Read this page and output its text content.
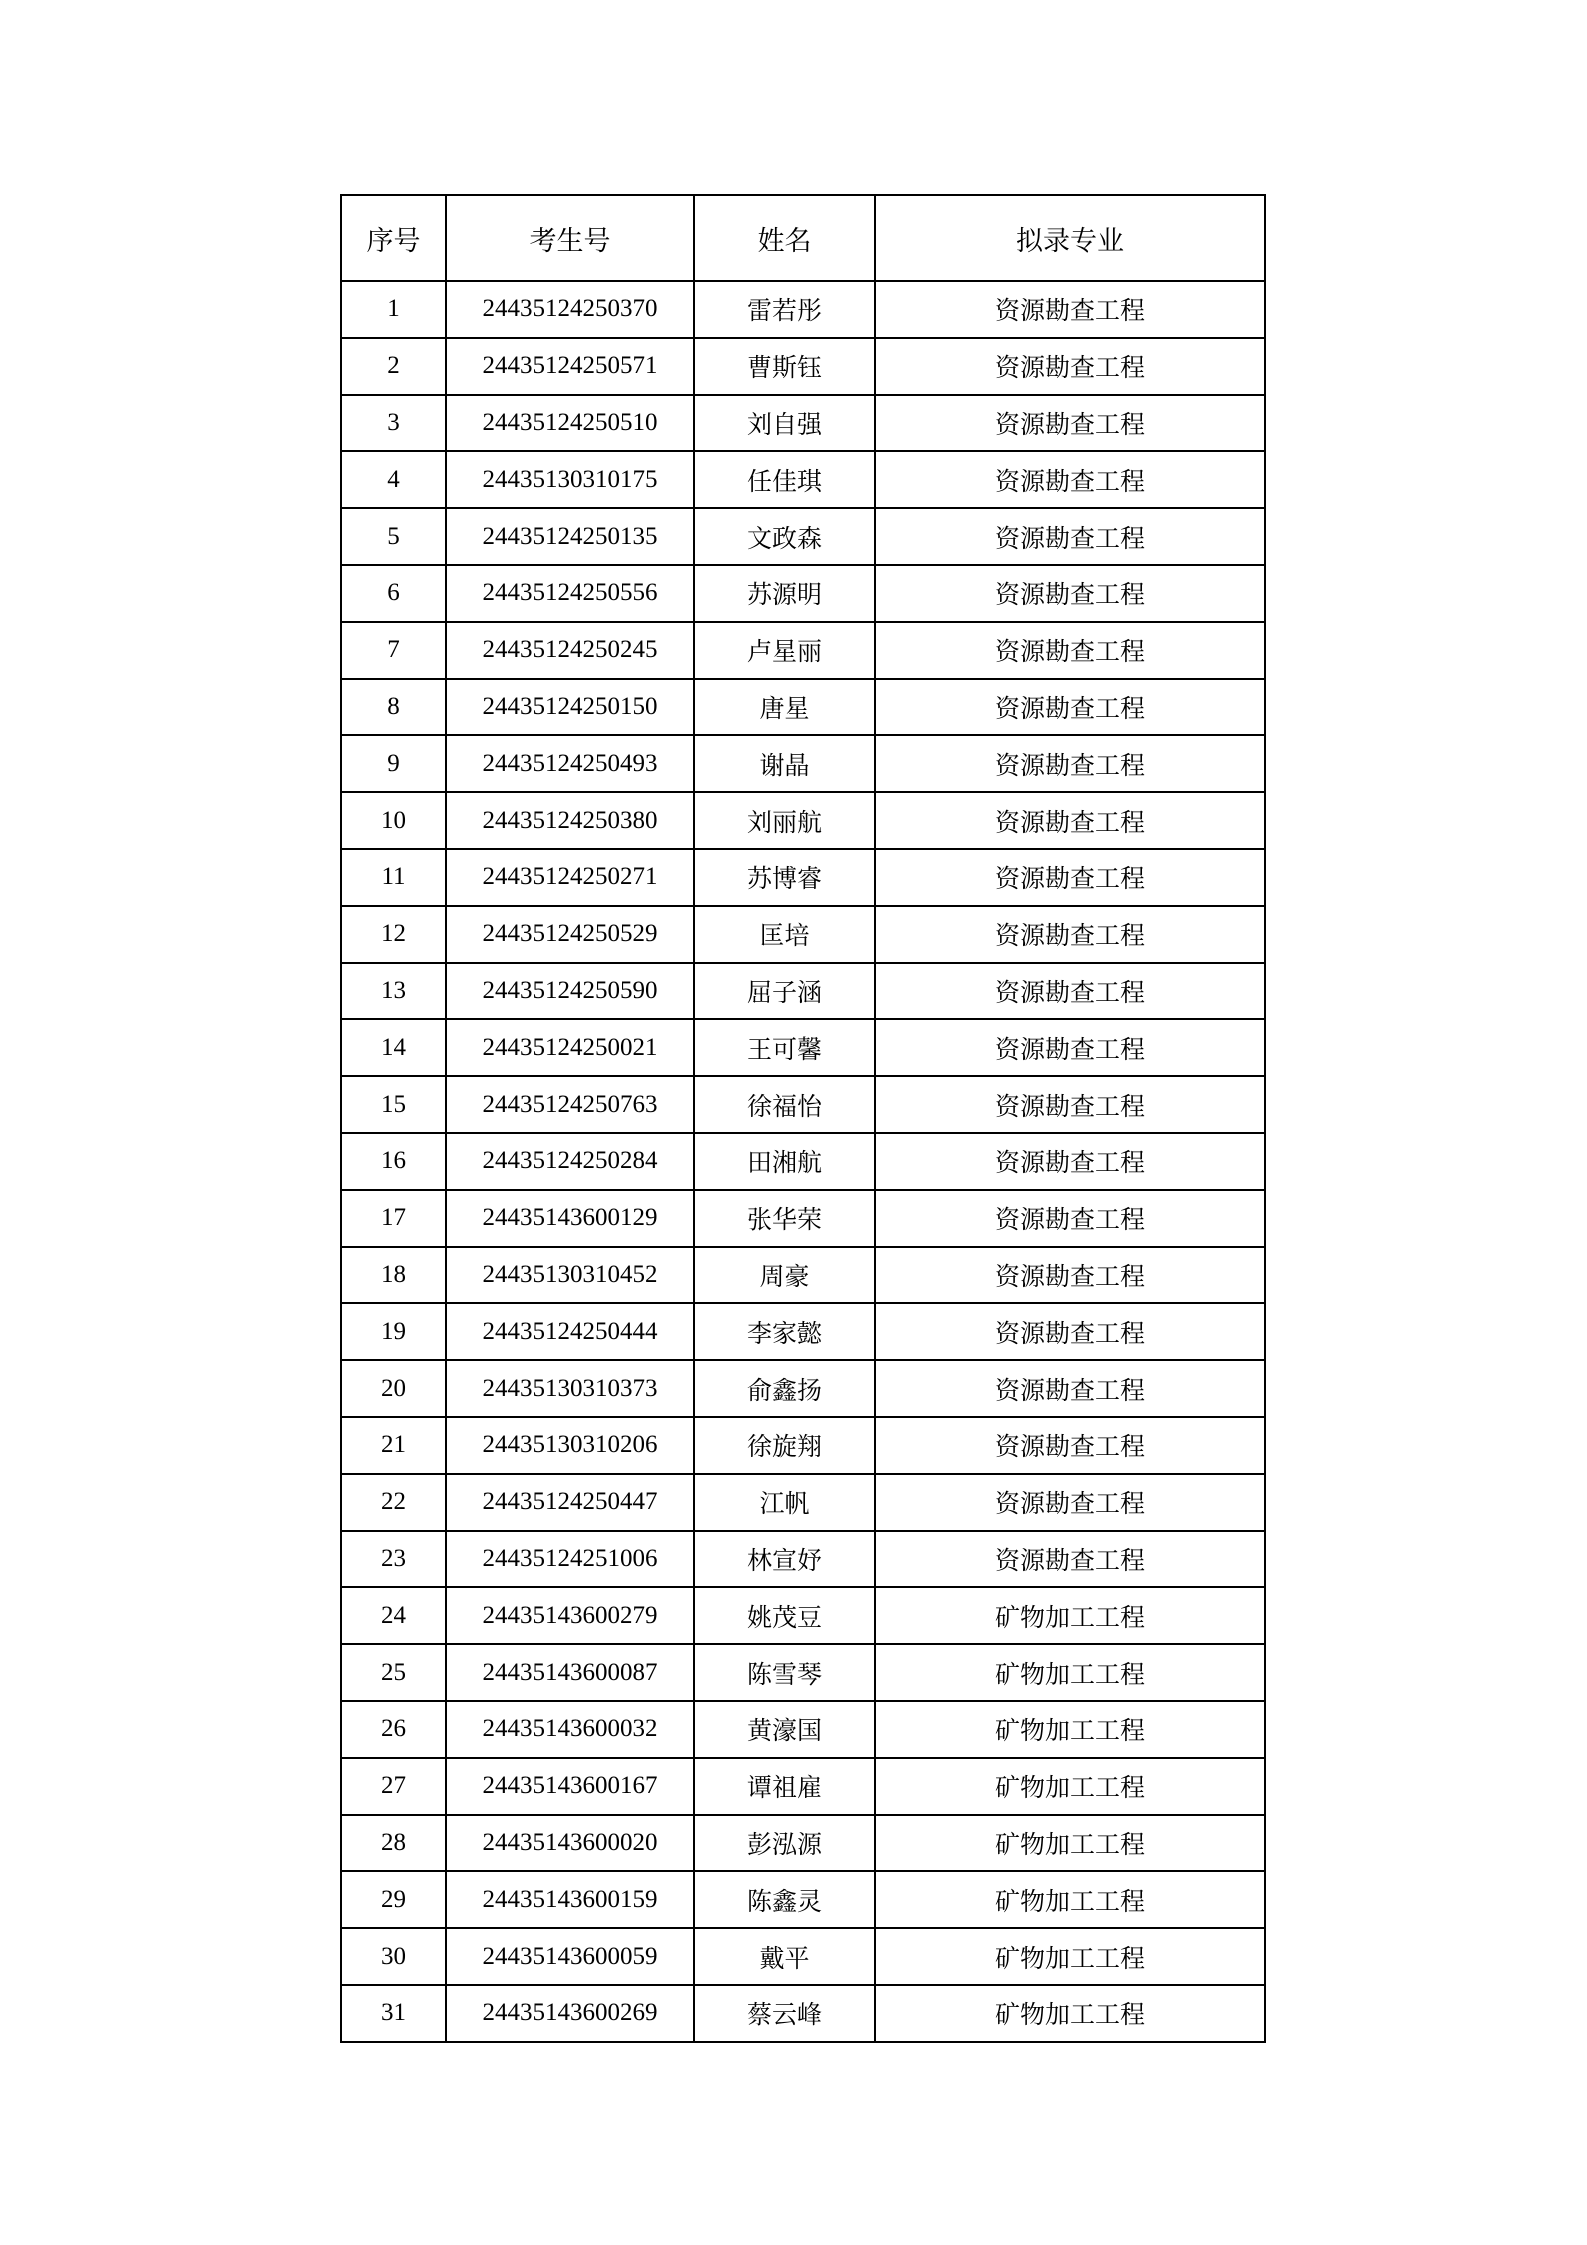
序号	考生号	姓名	拟录专业
1	24435124250370	雷若彤	资源勘查工程
2	24435124250571	曹斯钰	资源勘查工程
3	24435124250510	刘自强	资源勘查工程
4	24435130310175	任佳琪	资源勘查工程
5	24435124250135	文政森	资源勘查工程
6	24435124250556	苏源明	资源勘查工程
7	24435124250245	卢星丽	资源勘查工程
8	24435124250150	唐星	资源勘查工程
9	24435124250493	谢晶	资源勘查工程
10	24435124250380	刘丽航	资源勘查工程
11	24435124250271	苏博睿	资源勘查工程
12	24435124250529	匡培	资源勘查工程
13	24435124250590	屈子涵	资源勘查工程
14	24435124250021	王可馨	资源勘查工程
15	24435124250763	徐福怡	资源勘查工程
16	24435124250284	田湘航	资源勘查工程
17	24435143600129	张华荣	资源勘查工程
18	24435130310452	周豪	资源勘查工程
19	24435124250444	李家懿	资源勘查工程
20	24435130310373	俞鑫扬	资源勘查工程
21	24435130310206	徐旋翔	资源勘查工程
22	24435124250447	江帆	资源勘查工程
23	24435124251006	林宣妤	资源勘查工程
24	24435143600279	姚茂豆	矿物加工工程
25	24435143600087	陈雪琴	矿物加工工程
26	24435143600032	黄濠国	矿物加工工程
27	24435143600167	谭祖雇	矿物加工工程
28	24435143600020	彭泓源	矿物加工工程
29	24435143600159	陈鑫灵	矿物加工工程
30	24435143600059	戴平	矿物加工工程
31	24435143600269	蔡云峰	矿物加工工程
